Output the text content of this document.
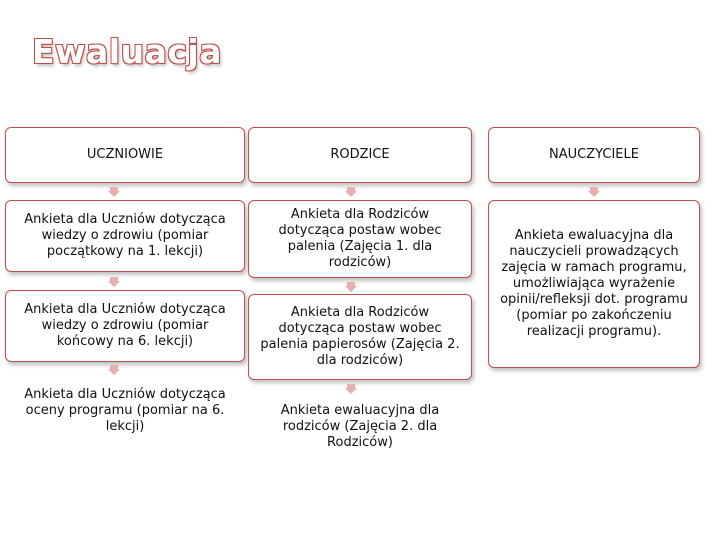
Ewaluacja
UCZNIOWIE
Ankieta dla Uczniów dotycząca wiedzy o zdrowiu (pomiar początkowy na 1. lekcji)
Ankieta dla Uczniów dotycząca wiedzy o zdrowiu (pomiar końcowy na 6. lekcji)
Ankieta dla Uczniów dotycząca oceny programu (pomiar na 6. lekcji)
RODZICE
Ankieta dla Rodziców dotycząca postaw wobec palenia (Zajęcia 1. dla rodziców)
Ankieta dla Rodziców dotycząca postaw wobec palenia papierosów (Zajęcia 2. dla rodziców)
Ankieta ewaluacyjna dla rodziców (Zajęcia 2. dla Rodziców)
NAUCZYCIELE
Ankieta ewaluacyjna dla nauczycieli prowadzących zajęcia w ramach programu, umożliwiająca wyrażenie opinii/refleksji dot. programu (pomiar po zakończeniu realizacji programu).
